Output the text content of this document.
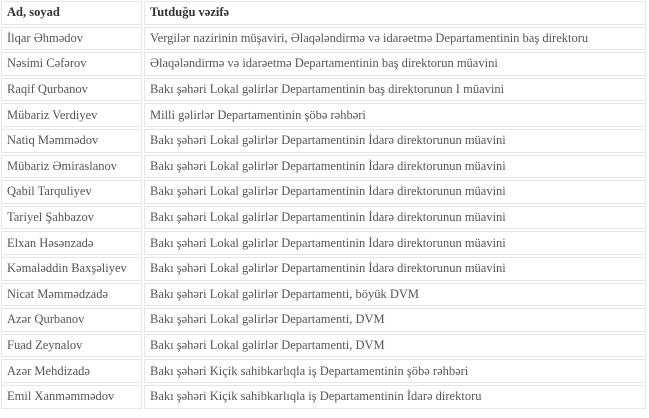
Ad, soyad	Tutduğu vəzifə
İlqar Əhmədov	Vergilər nazirinin müşaviri, Əlaqələndirmə və idarəetmə Departamentinin baş direktoru
Nəsimi Cəfərov	Əlaqələndirmə və idarəetmə Departamentinin baş direktorun müavini
Raqif Qurbanov	Bakı şəhəri Lokal gəlirlər Departamentinin baş direktorunun I müavini
Mübariz Verdiyev	Milli gəlirlər Departamentinin şöbə rəhbəri
Natiq Məmmədov	Bakı şəhəri Lokal gəlirlər Departamentinin İdarə direktorunun müavini
Mübariz Əmiraslanov	Bakı şəhəri Lokal gəlirlər Departamentinin İdarə direktorunun müavini
Qabil Tarquliyev	Bakı şəhəri Lokal gəlirlər Departamentinin İdarə direktorunun müavini
Tariyel Şahbazov	Bakı şəhəri Lokal gəlirlər Departamentinin İdarə direktorunun müavini
Elxan Həsənzadə	Bakı şəhəri Lokal gəlirlər Departamentinin İdarə direktorunun müavini
Kəmaləddin Baxşəliyev	Bakı şəhəri Lokal gəlirlər Departamentinin İdarə direktorunun müavini
Nicat Məmmədzadə	Bakı şəhəri Lokal gəlirlər Departamenti, böyük DVM
Azər Qurbanov	Bakı şəhəri Lokal gəlirlər Departamenti, DVM
Fuad Zeynalov	Bakı şəhəri Lokal gəlirlər Departamenti, DVM
Azər Mehdizadə	Bakı şəhəri Kiçik sahibkarlıqla iş Departamentinin şöbə rəhbəri
Emil Xanməmmədov	Bakı şəhəri Kiçik sahibkarlıqla iş Departamentinin İdarə direktoru
